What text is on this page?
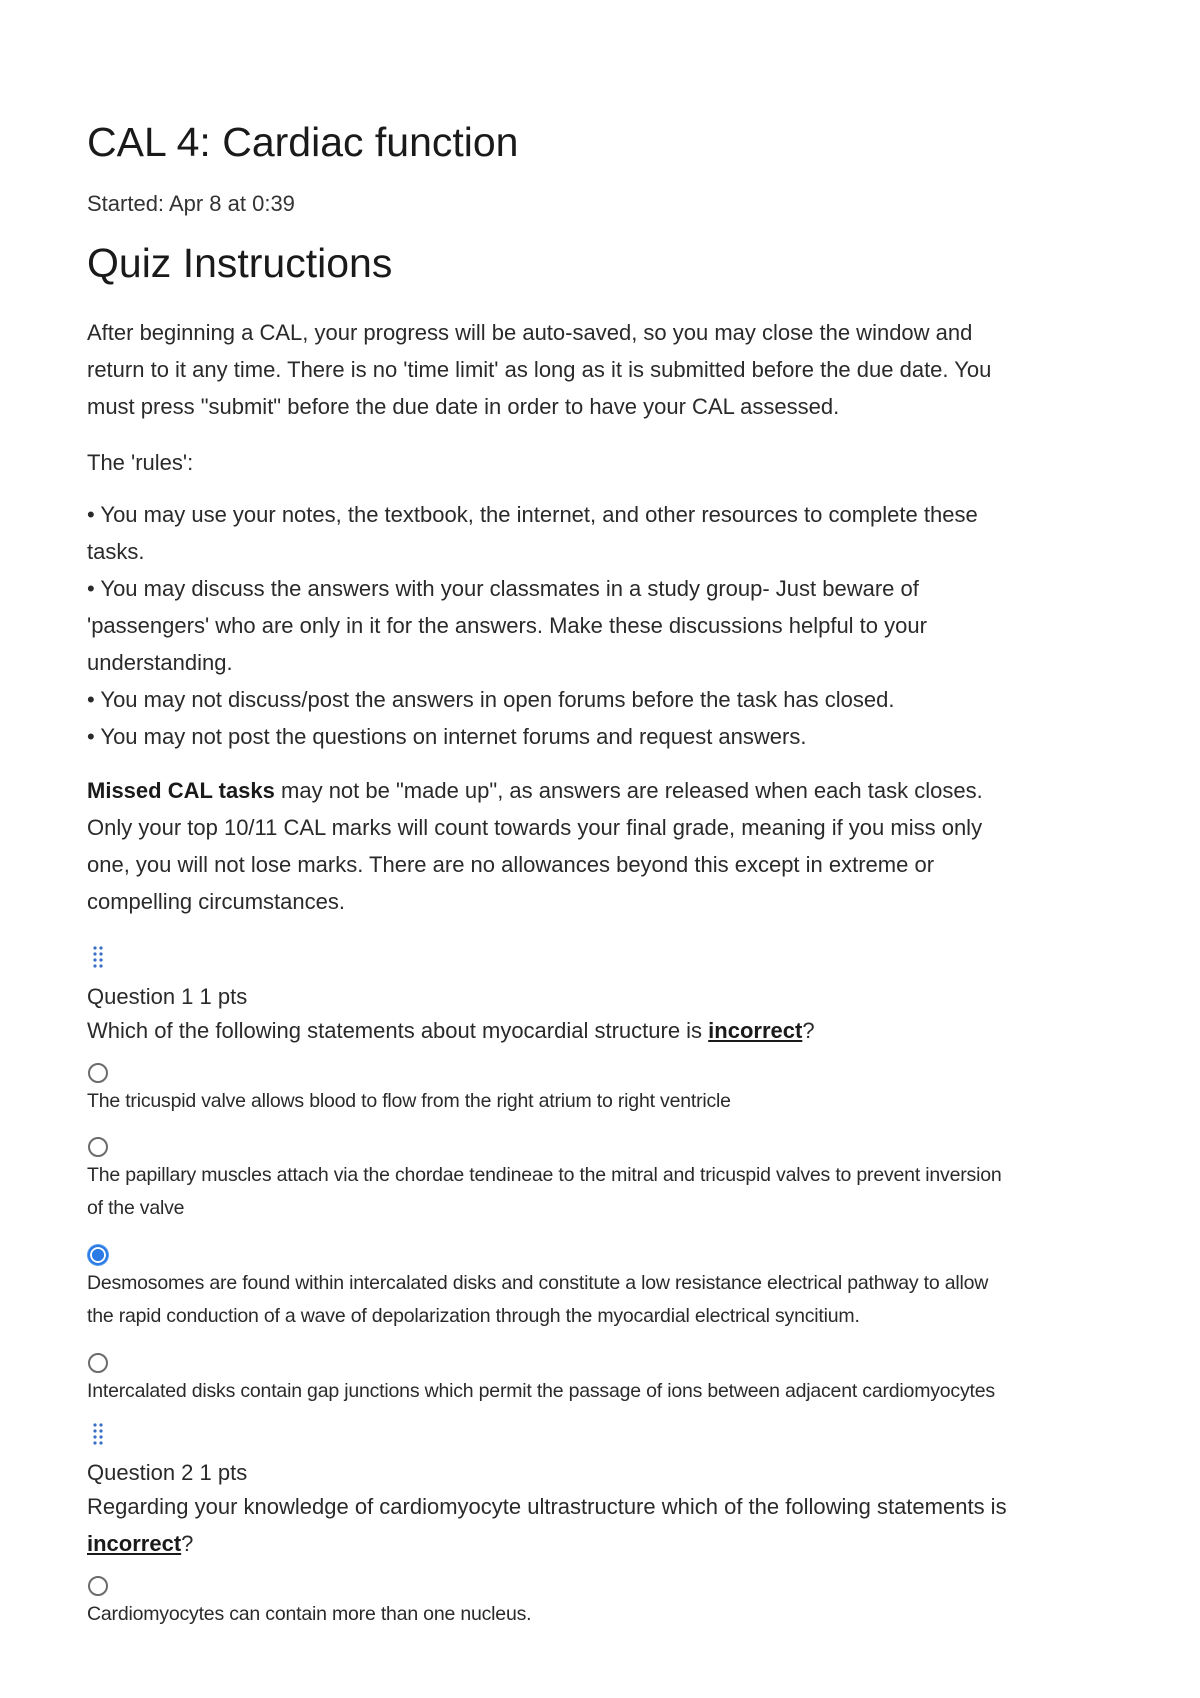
CAL 4: Cardiac function
Started: Apr 8 at 0:39
Quiz Instructions
After beginning a CAL, your progress will be auto-saved, so you may close the window and
return to it any time. There is no 'time limit' as long as it is submitted before the due date. You
must press "submit" before the due date in order to have your CAL assessed.
The 'rules':
• You may use your notes, the textbook, the internet, and other resources to complete these
tasks.
• You may discuss the answers with your classmates in a study group- Just beware of
'passengers' who are only in it for the answers. Make these discussions helpful to your
understanding.
• You may not discuss/post the answers in open forums before the task has closed.
• You may not post the questions on internet forums and request answers.
Missed CAL tasks may not be "made up", as answers are released when each task closes.
Only your top 10/11 CAL marks will count towards your final grade, meaning if you miss only
one, you will not lose marks. There are no allowances beyond this except in extreme or
compelling circumstances.
Question 1 1 pts
Which of the following statements about myocardial structure is incorrect?
The tricuspid valve allows blood to flow from the right atrium to right ventricle
The papillary muscles attach via the chordae tendineae to the mitral and tricuspid valves to prevent inversion
of the valve
Desmosomes are found within intercalated disks and constitute a low resistance electrical pathway to allow
the rapid conduction of a wave of depolarization through the myocardial electrical syncitium.
Intercalated disks contain gap junctions which permit the passage of ions between adjacent cardiomyocytes
Question 2 1 pts
Regarding your knowledge of cardiomyocyte ultrastructure which of the following statements is
incorrect?
Cardiomyocytes can contain more than one nucleus.
